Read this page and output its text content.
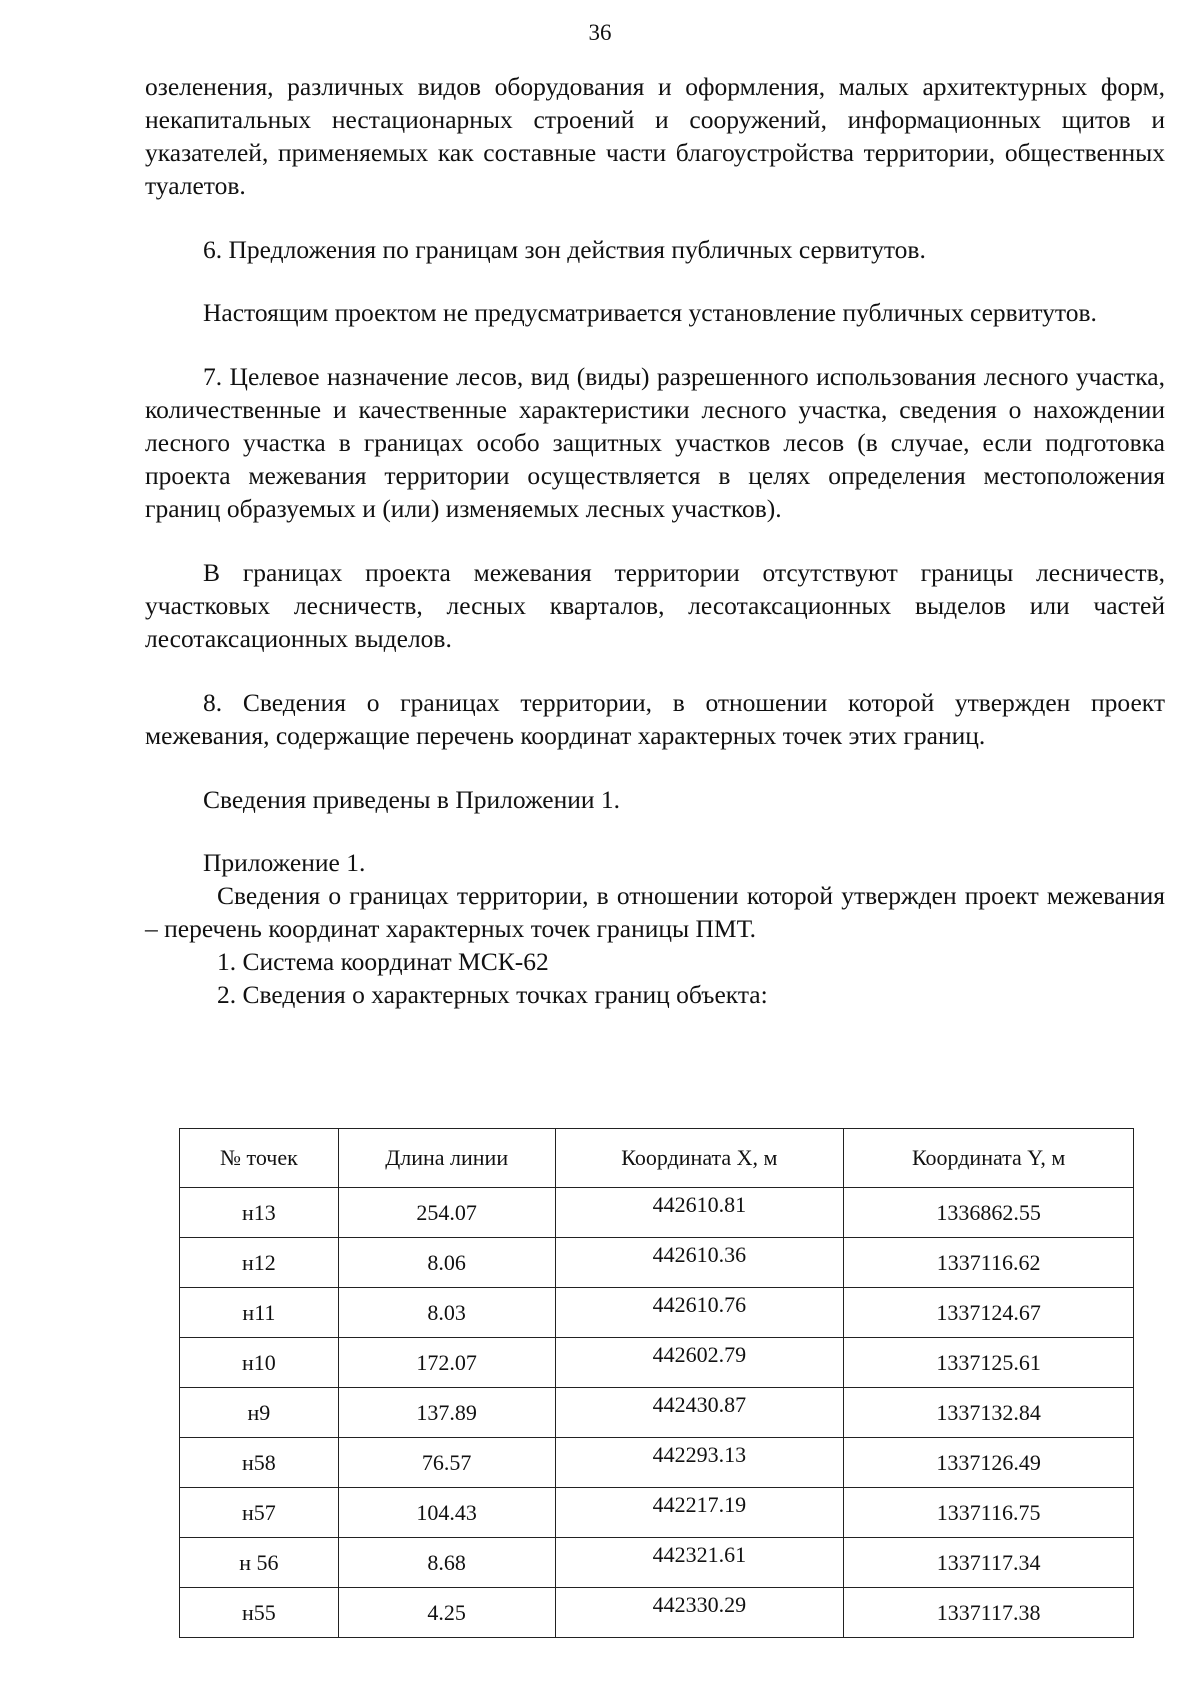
36

озеленения, различных видов оборудования и оформления, малых архитектурных форм, некапитальных нестационарных строений и сооружений, информационных щитов и указателей, применяемых как составные части благоустройства территории, общественных туалетов.

6. Предложения по границам зон действия публичных сервитутов.

Настоящим проектом не предусматривается установление публичных сервитутов.

7. Целевое назначение лесов, вид (виды) разрешенного использования лесного участка, количественные и качественные характеристики лесного участка, сведения о нахождении лесного участка в границах особо защитных участков лесов (в случае, если подготовка проекта межевания территории осуществляется в целях определения местоположения границ образуемых и (или) изменяемых лесных участков).

В границах проекта межевания территории отсутствуют границы лесничеств, участковых лесничеств, лесных кварталов, лесотаксационных выделов или частей лесотаксационных выделов.

8. Сведения о границах территории, в отношении которой утвержден проект межевания, содержащие перечень координат характерных точек этих границ.

Сведения приведены в Приложении 1.

Приложение 1.

Сведения о границах территории, в отношении которой утвержден проект межевания – перечень координат характерных точек границы ПМТ.

1. Система координат МСК-62

2. Сведения о характерных точках границ объекта:

№ точек	Длина линии	Координата X, м	Координата Y, м
н13	254.07	442610.81	1336862.55
н12	8.06	442610.36	1337116.62
н11	8.03	442610.76	1337124.67
н10	172.07	442602.79	1337125.61
н9	137.89	442430.87	1337132.84
н58	76.57	442293.13	1337126.49
н57	104.43	442217.19	1337116.75
н 56	8.68	442321.61	1337117.34
н55	4.25	442330.29	1337117.38
